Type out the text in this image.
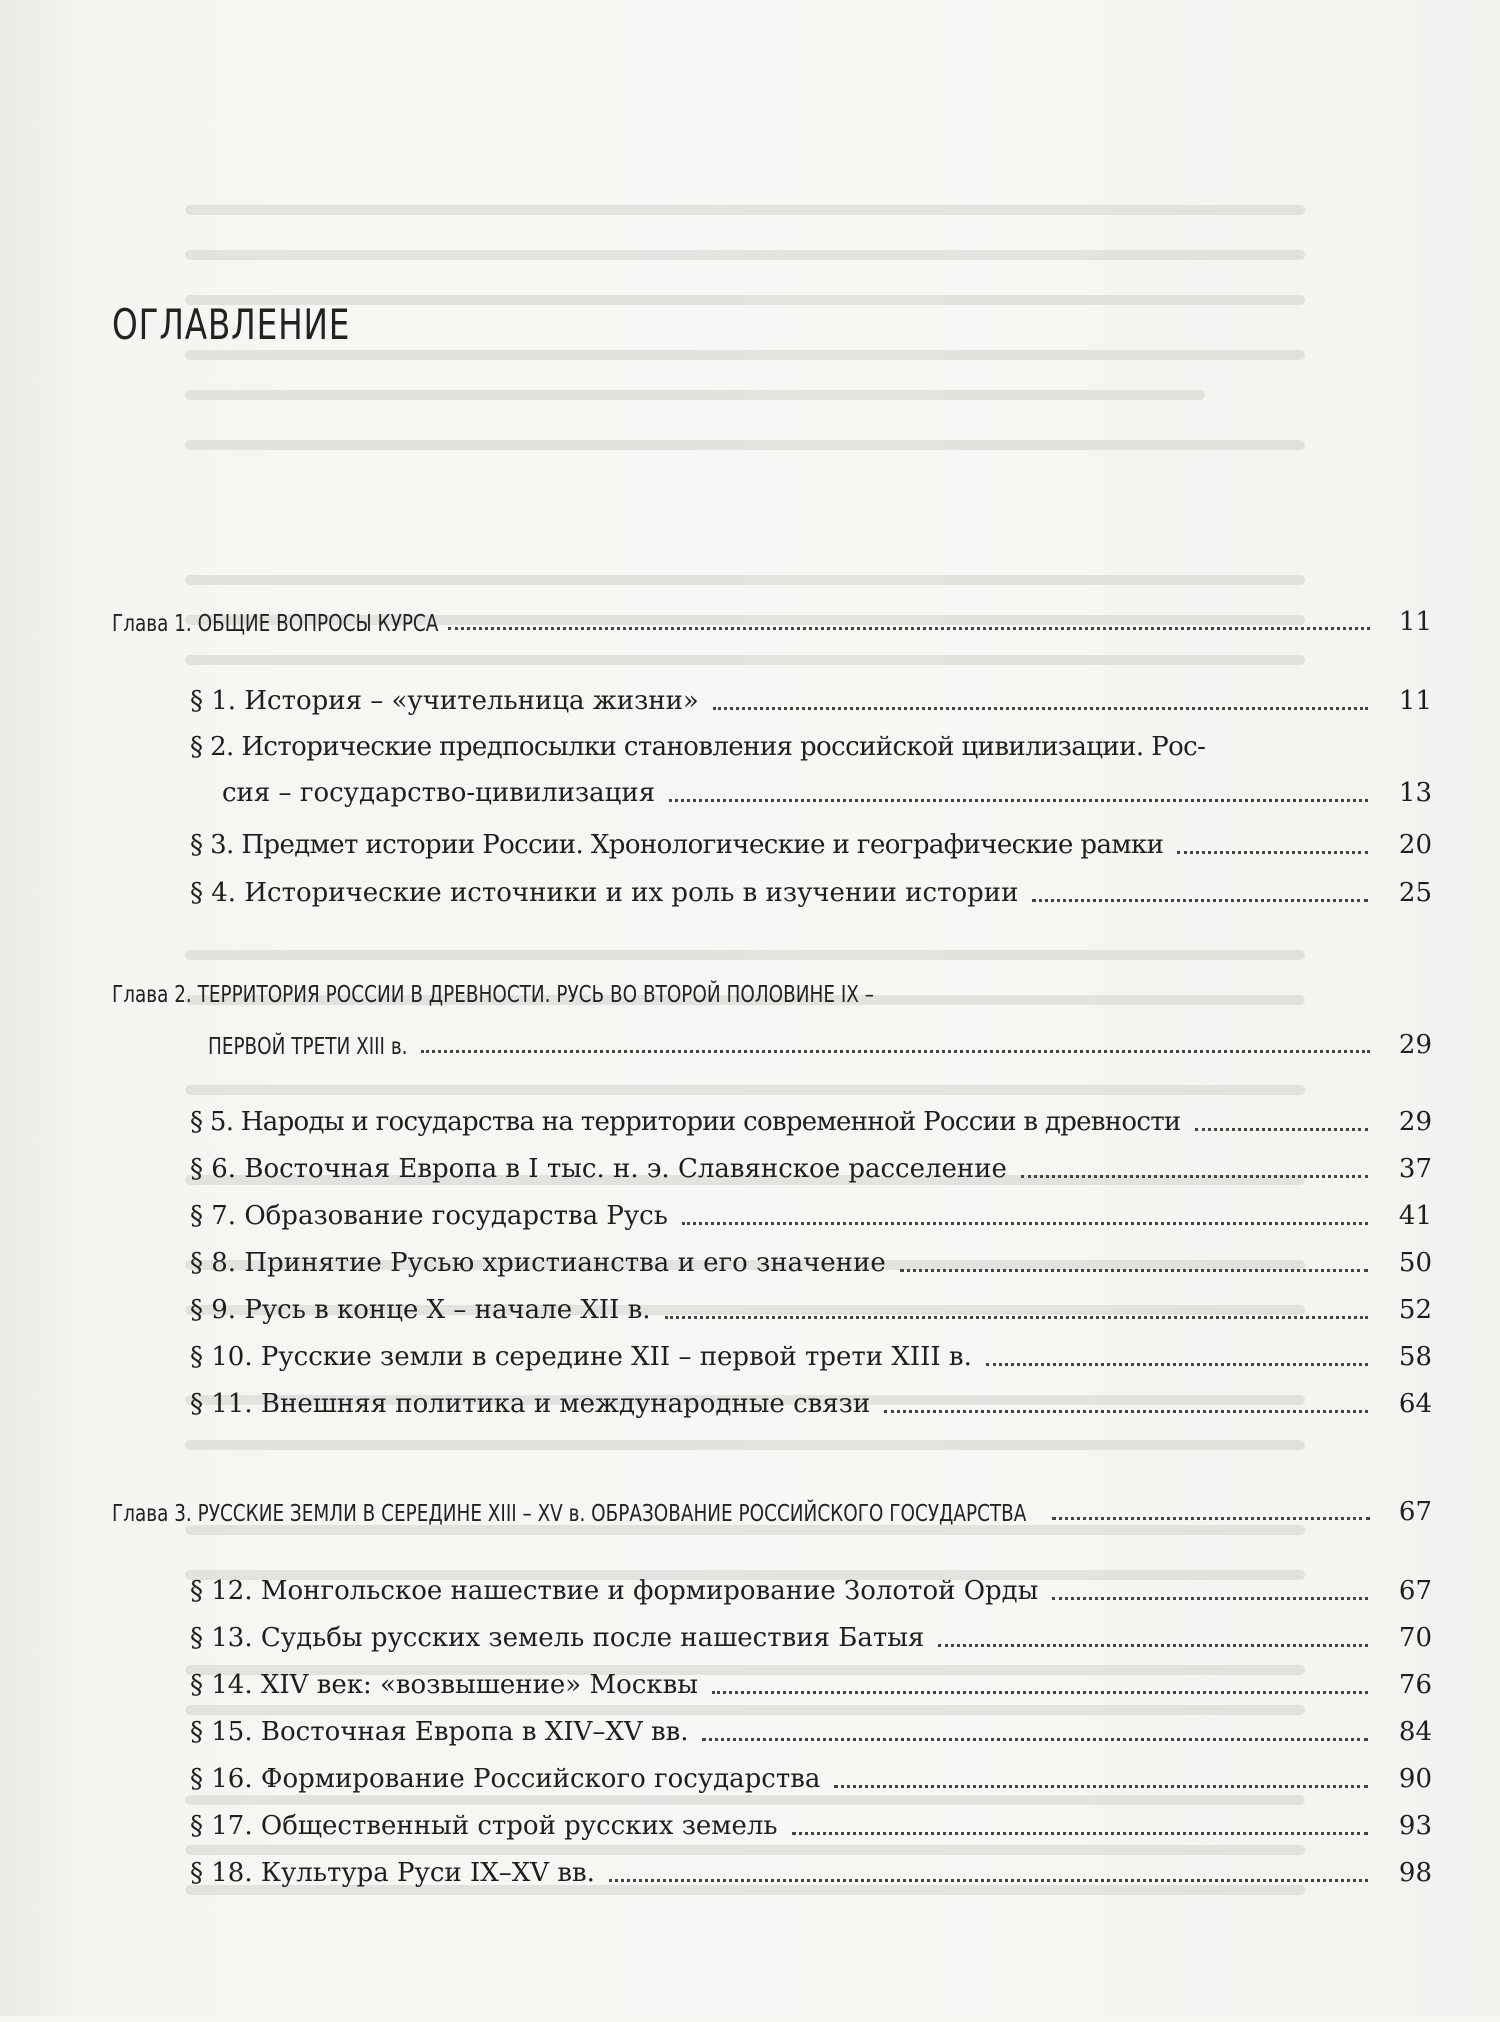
ОГЛАВЛЕНИЕ
Глава 1. ОБЩИЕ ВОПРОСЫ КУРСА	11
§ 1. История – «учительница жизни»	11
§ 2. Исторические предпосылки становления российской цивилизации. Рос-
сия – государство-цивилизация	13
§ 3. Предмет истории России. Хронологические и географические рамки	20
§ 4. Исторические источники и их роль в изучении истории	25
Глава 2. ТЕРРИТОРИЯ РОССИИ В ДРЕВНОСТИ. РУСЬ ВО ВТОРОЙ ПОЛОВИНЕ IX –
ПЕРВОЙ ТРЕТИ XIII в.	29
§ 5. Народы и государства на территории современной России в древности	29
§ 6. Восточная Европа в I тыс. н. э. Славянское расселение	37
§ 7. Образование государства Русь	41
§ 8. Принятие Русью христианства и его значение	50
§ 9. Русь в конце X – начале XII в.	52
§ 10. Русские земли в середине XII – первой трети XIII в.	58
§ 11. Внешняя политика и международные связи	64
Глава 3. РУССКИЕ ЗЕМЛИ В СЕРЕДИНЕ XIII – XV в. ОБРАЗОВАНИЕ РОССИЙСКОГО ГОСУДАРСТВА	67
§ 12. Монгольское нашествие и формирование Золотой Орды	67
§ 13. Судьбы русских земель после нашествия Батыя	70
§ 14. XIV век: «возвышение» Москвы	76
§ 15. Восточная Европа в XIV–XV вв.	84
§ 16. Формирование Российского государства	90
§ 17. Общественный строй русских земель	93
§ 18. Культура Руси IX–XV вв.	98
